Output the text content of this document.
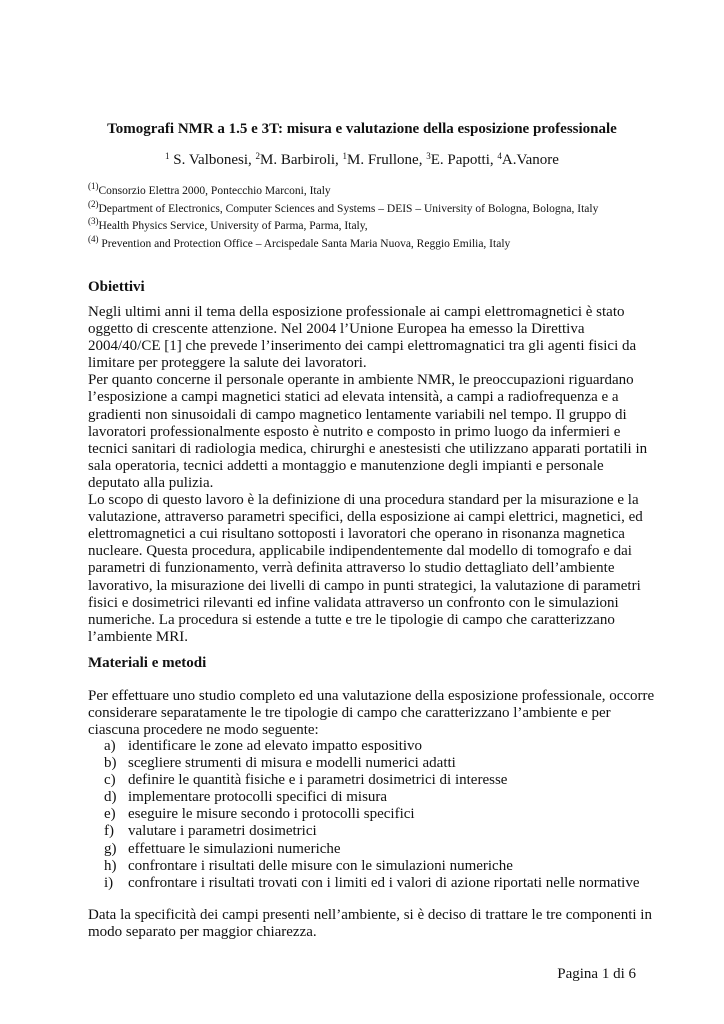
Tomografi NMR a 1.5 e 3T: misura e valutazione della esposizione professionale
$^1$ S. Valbonesi, $^2$M. Barbiroli, $^1$M. Frullone, $^3$E. Papotti, $^4$A.Vanore
$^{(1)}$Consorzio Elettra 2000, Pontecchio Marconi, Italy
$^{(2)}$Department of Electronics, Computer Sciences and Systems – DEIS – University of Bologna, Bologna, Italy
$^{(3)}$Health Physics Service, University of Parma, Parma, Italy,
$^{(4)}$ Prevention and Protection Office – Arcispedale Santa Maria Nuova, Reggio Emilia, Italy
Obiettivi
Negli ultimi anni il tema della esposizione professionale ai campi elettromagnetici è stato
oggetto di crescente attenzione. Nel 2004 l’Unione Europea ha emesso la Direttiva
2004/40/CE [1] che prevede l’inserimento dei campi elettromagnatici tra gli agenti fisici da
limitare per proteggere la salute dei lavoratori.
Per quanto concerne il personale operante in ambiente NMR, le preoccupazioni riguardano
l’esposizione a campi magnetici statici ad elevata intensità, a campi a radiofrequenza e a
gradienti non sinusoidali di campo magnetico lentamente variabili nel tempo. Il gruppo di
lavoratori professionalmente esposto è nutrito e composto in primo luogo da infermieri e
tecnici sanitari di radiologia medica, chirurghi e anestesisti che utilizzano apparati portatili in
sala operatoria, tecnici addetti a montaggio e manutenzione degli impianti e personale
deputato alla pulizia.
Lo scopo di questo lavoro è la definizione di una procedura standard per la misurazione e la
valutazione, attraverso parametri specifici, della esposizione ai campi elettrici, magnetici, ed
elettromagnetici a cui risultano sottoposti i lavoratori che operano in risonanza magnetica
nucleare. Questa procedura, applicabile indipendentemente dal modello di tomografo e dai
parametri di funzionamento, verrà definita attraverso lo studio dettagliato dell’ambiente
lavorativo, la misurazione dei livelli di campo in punti strategici, la valutazione di parametri
fisici e dosimetrici rilevanti ed infine validata attraverso un confronto con le simulazioni
numeriche. La procedura si estende a tutte e tre le tipologie di campo che caratterizzano
l’ambiente MRI.
Materiali e metodi
Per effettuare uno studio completo ed una valutazione della esposizione professionale, occorre
considerare separatamente le tre tipologie di campo che caratterizzano l’ambiente e per
ciascuna procedere ne modo seguente:
a) identificare le zone ad elevato impatto espositivo
b) scegliere strumenti di misura e modelli numerici adatti
c) definire le quantità fisiche e i parametri dosimetrici di interesse
d) implementare protocolli specifici di misura
e) eseguire le misure secondo i protocolli specifici
f) valutare i parametri dosimetrici
g) effettuare le simulazioni numeriche
h) confrontare i risultati delle misure con le simulazioni numeriche
i) confrontare i risultati trovati con i limiti ed i valori di azione riportati nelle normative
Data la specificità dei campi presenti nell’ambiente, si è deciso di trattare le tre componenti in
modo separato per maggior chiarezza.
Pagina 1 di 6
